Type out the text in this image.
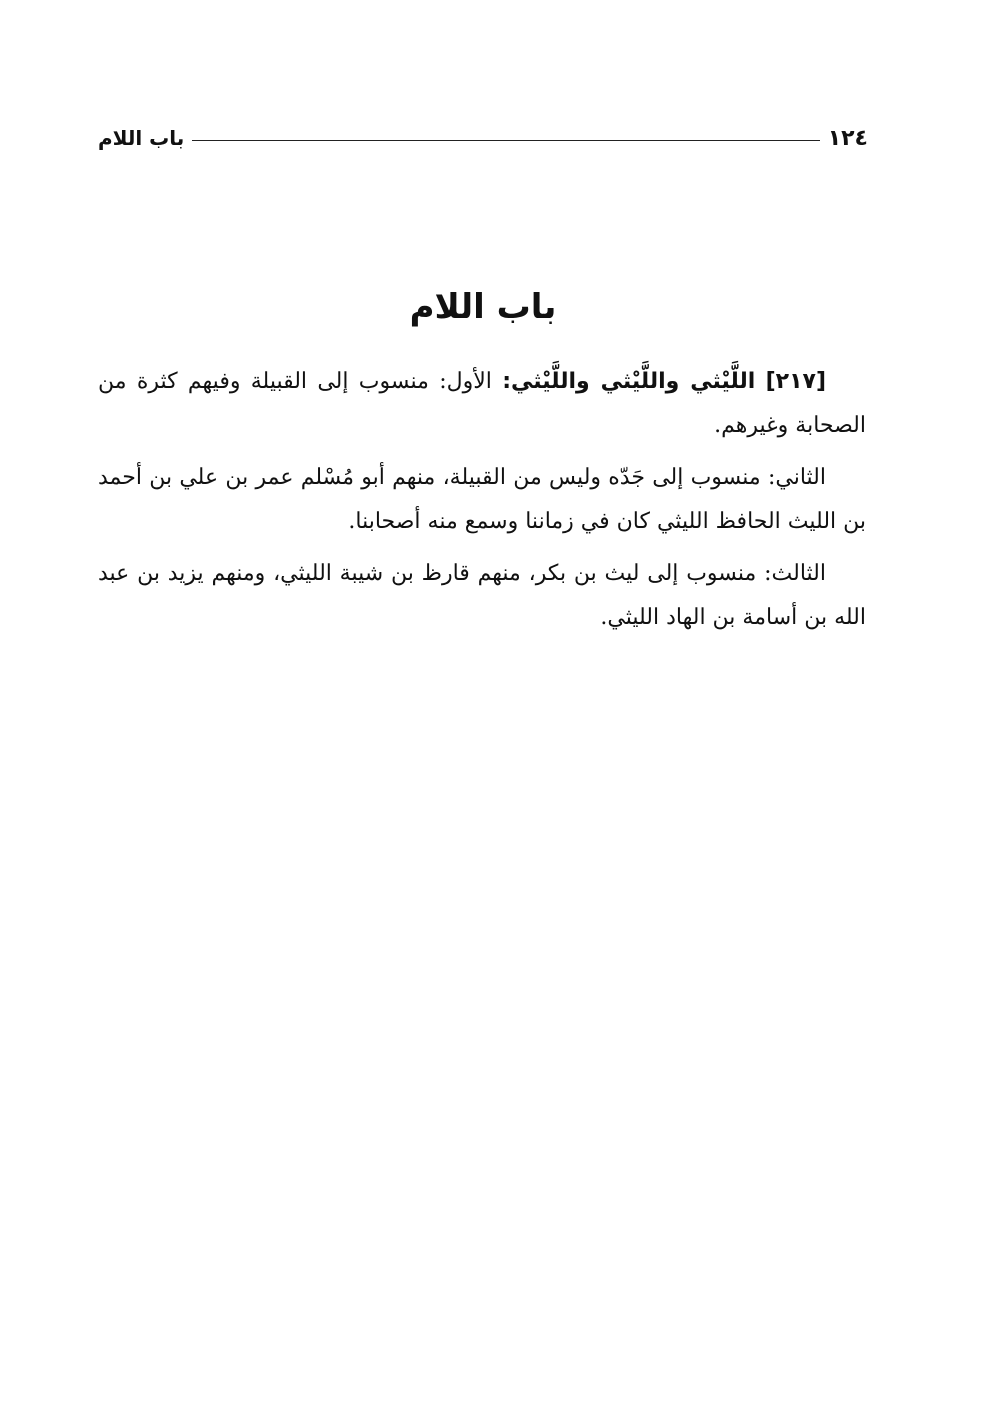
١٢٤
باب اللام
باب اللام

[٢١٧] اللَّيْثي واللَّيْثي واللَّيْثي: الأول: منسوب إلى القبيلة وفيهم كثرة من الصحابة وغيرهم.

الثاني: منسوب إلى جَدّه وليس من القبيلة، منهم أبو مُسْلم عمر بن علي بن أحمد بن الليث الحافظ الليثي كان في زماننا وسمع منه أصحابنا.

الثالث: منسوب إلى ليث بن بكر، منهم قارظ بن شيبة الليثي، ومنهم يزيد بن عبد الله بن أسامة بن الهاد الليثي.
